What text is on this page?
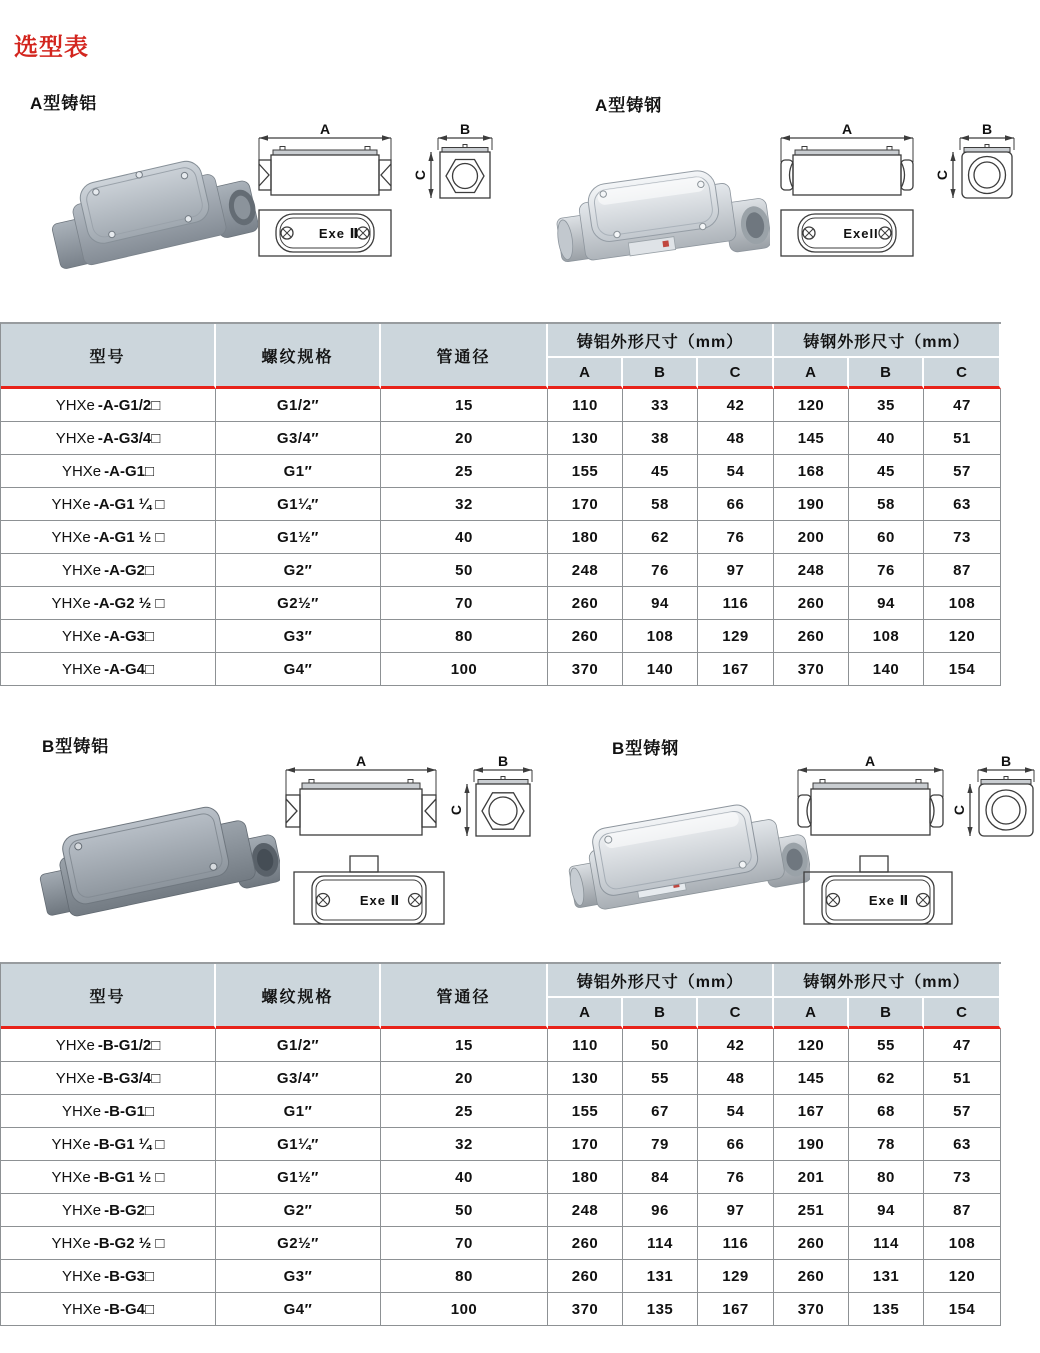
选型表
A型铸铝	A型铸钢
A	B
C
Exe Ⅱ
A	B
C
ExeII
型号	螺纹规格	管通径	铸铝外形尺寸（mm）			铸钢外形尺寸（mm）		
			A	B	C	A	B	C
YHXe -A-G1/2□	G1/2″	15	110	33	42	120	35	47
YHXe -A-G3/4□	G3/4″	20	130	38	48	145	40	51
YHXe -A-G1□	G1″	25	155	45	54	168	45	57
YHXe -A-G1 ¼ □	G1¼″	32	170	58	66	190	58	63
YHXe -A-G1 ½ □	G1½″	40	180	62	76	200	60	73
YHXe -A-G2□	G2″	50	248	76	97	248	76	87
YHXe -A-G2 ½ □	G2½″	70	260	94	116	260	94	108
YHXe -A-G3□	G3″	80	260	108	129	260	108	120
YHXe -A-G4□	G4″	100	370	140	167	370	140	154
B型铸铝	B型铸钢
A	B
C
Exe Ⅱ
A	B
C
Exe Ⅱ
型号	螺纹规格	管通径	铸铝外形尺寸（mm）			铸钢外形尺寸（mm）		
			A	B	C	A	B	C
YHXe -B-G1/2□	G1/2″	15	110	50	42	120	55	47
YHXe -B-G3/4□	G3/4″	20	130	55	48	145	62	51
YHXe -B-G1□	G1″	25	155	67	54	167	68	57
YHXe -B-G1 ¼ □	G1¼″	32	170	79	66	190	78	63
YHXe -B-G1 ½ □	G1½″	40	180	84	76	201	80	73
YHXe -B-G2□	G2″	50	248	96	97	251	94	87
YHXe -B-G2 ½ □	G2½″	70	260	114	116	260	114	108
YHXe -B-G3□	G3″	80	260	131	129	260	131	120
YHXe -B-G4□	G4″	100	370	135	167	370	135	154
